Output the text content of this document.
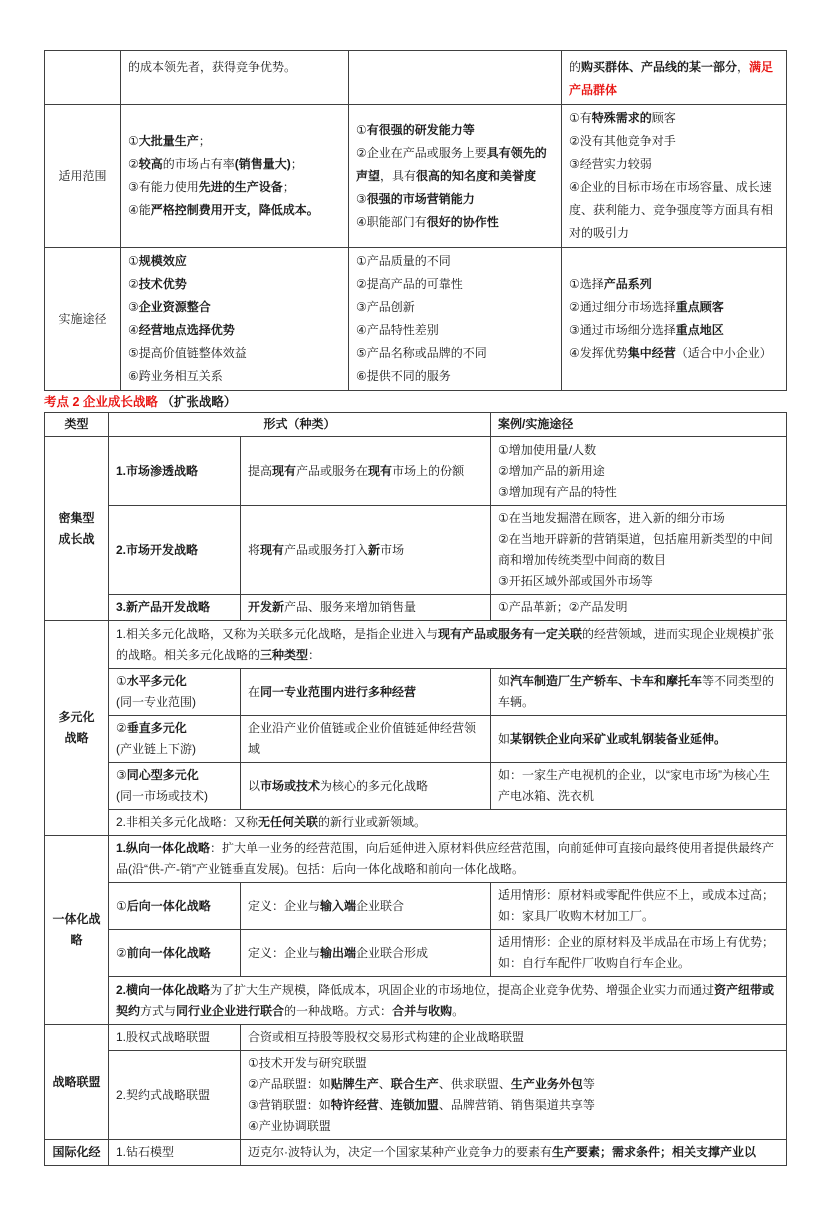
	的成本领先者，获得竞争优势。		的购买群体、产品线的某一部分，满足产品群体
适用范围	①大批量生产；
②较高的市场占有率(销售量大)；
③有能力使用先进的生产设备；
④能严格控制费用开支，降低成本。	①有很强的研发能力等
②企业在产品或服务上要具有领先的声望，具有很高的知名度和美誉度
③很强的市场营销能力
④职能部门有很好的协作性	①有特殊需求的顾客
②没有其他竞争对手
③经营实力较弱
④企业的目标市场在市场容量、成长速度、获利能力、竞争强度等方面具有相对的吸引力
实施途径	①规模效应
②技术优势
③企业资源整合
④经营地点选择优势
⑤提高价值链整体效益
⑥跨业务相互关系	①产品质量的不同
②提高产品的可靠性
③产品创新
④产品特性差别
⑤产品名称或品牌的不同
⑥提供不同的服务	①选择产品系列
②通过细分市场选择重点顾客
③通过市场细分选择重点地区
④发挥优势集中经营（适合中小企业）
考点 2 企业成长战略 （扩张战略）
类型	形式（种类）		案例/实施途径
密集型
成长战	1.市场渗透战略	提高现有产品或服务在现有市场上的份额	①增加使用量/人数
②增加产品的新用途
③增加现有产品的特性
	2.市场开发战略	将现有产品或服务打入新市场	①在当地发掘潜在顾客，进入新的细分市场
②在当地开辟新的营销渠道，包括雇用新类型的中间商和增加传统类型中间商的数目
③开拓区域外部或国外市场等
	3.新产品开发战略	开发新产品、服务来增加销售量	①产品革新；②产品发明
多元化
战略	1.相关多元化战略，又称为关联多元化战略，是指企业进入与现有产品或服务有一定关联的经营领域，进而实现企业规模扩张的战略。相关多元化战略的三种类型：		
	①水平多元化
(同一专业范围)	在同一专业范围内进行多种经营	如汽车制造厂生产轿车、卡车和摩托车等不同类型的车辆。
	②垂直多元化
(产业链上下游)	企业沿产业价值链或企业价值链延伸经营领域	如某钢铁企业向采矿业或轧钢装备业延伸。
	③同心型多元化
(同一市场或技术)	以市场或技术为核心的多元化战略	如：一家生产电视机的企业，以“家电市场”为核心生产电冰箱、洗衣机
	2.非相关多元化战略：又称无任何关联的新行业或新领域。		
一体化战
略	1.纵向一体化战略：扩大单一业务的经营范围，向后延伸进入原材料供应经营范围，向前延伸可直接向最终使用者提供最终产品(沿“供-产-销”产业链垂直发展)。包括：后向一体化战略和前向一体化战略。		
	①后向一体化战略	定义：企业与输入端企业联合	适用情形：原材料或零配件供应不上，或成本过高；
如：家具厂收购木材加工厂。
	②前向一体化战略	定义：企业与输出端企业联合形成	适用情形：企业的原材料及半成品在市场上有优势；
如：自行车配件厂收购自行车企业。
	2.横向一体化战略为了扩大生产规模，降低成本，巩固企业的市场地位，提高企业竞争优势、增强企业实力而通过资产纽带或契约方式与同行业企业进行联合的一种战略。方式：合并与收购。		
战略联盟	1.股权式战略联盟	合资或相互持股等股权交易形式构建的企业战略联盟	
	2.契约式战略联盟	①技术开发与研究联盟
②产品联盟：如贴牌生产、联合生产、供求联盟、生产业务外包等
③营销联盟：如特许经营、连锁加盟、品牌营销、销售渠道共享等
④产业协调联盟	
国际化经	1.钻石模型	迈克尔·波特认为，决定一个国家某种产业竞争力的要素有生产要素；需求条件；相关支撑产业以	
